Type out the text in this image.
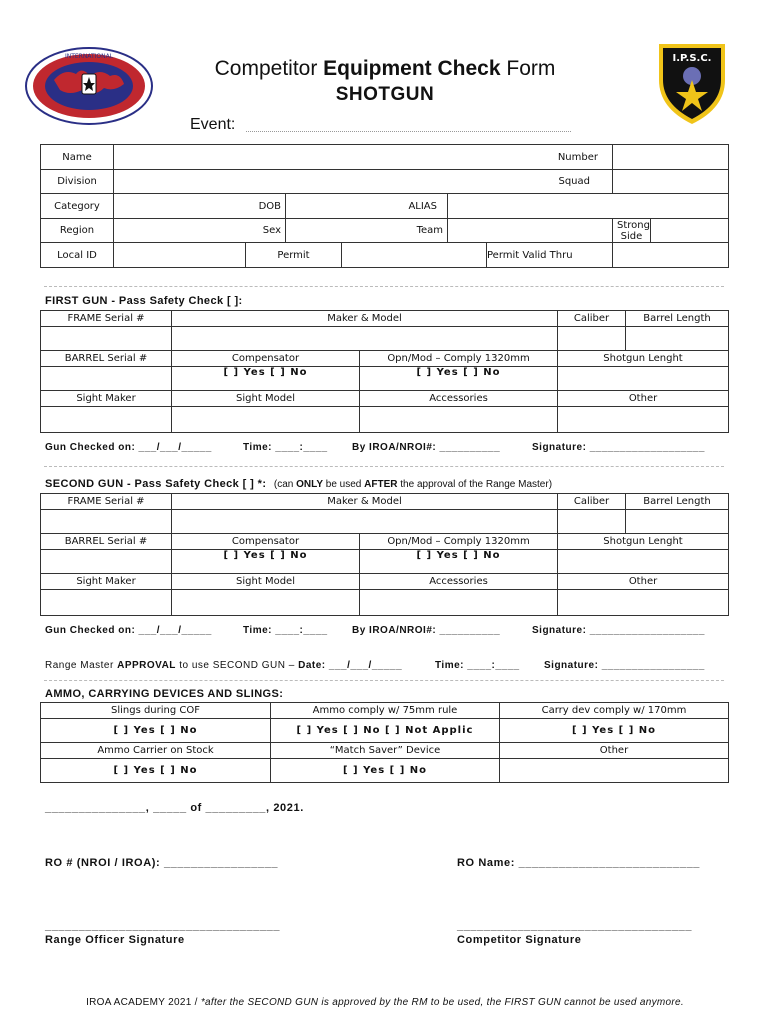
INTERNATIONAL	I.P.S.C.
Competitor Equipment Check Form
SHOTGUN
Event:
Name	Number							
Division	Squad							
Category	DOB		ALIAS					
Region	Sex		Team				Strong
Side	
Local ID		Permit				Permit Valid Thru		
FIRST GUN - Pass Safety Check [ ]:
FRAME Serial #	Maker & Model		Caliber	Barrel Length

BARREL Serial #	Compensator	Opn/Mod – Comply 1320mm	Shotgun Lenght	
	[ ] Yes [ ] No	[ ] Yes [ ] No		
Sight Maker	Sight Model	Accessories	Other	

Gun Checked on: ___/___/_____	Time: ____:____ By IROA/NROI#: __________	Signature: ___________________
SECOND GUN - Pass Safety Check [ ] *: (can ONLY be used AFTER the approval of the Range Master)
FRAME Serial #	Maker & Model		Caliber	Barrel Length

BARREL Serial #	Compensator	Opn/Mod – Comply 1320mm	Shotgun Lenght	
	[ ] Yes [ ] No	[ ] Yes [ ] No		
Sight Maker	Sight Model	Accessories	Other	

Gun Checked on: ___/___/_____	Time: ____:____ By IROA/NROI#: __________	Signature: ___________________
Range Master APPROVAL to use SECOND GUN – Date: ___/___/_____	Time: ____:____ Signature: _________________
AMMO, CARRYING DEVICES AND SLINGS:
Slings during COF	Ammo comply w/ 75mm rule	Carry dev comply w/ 170mm
[ ] Yes [ ] No	[ ] Yes [ ] No [ ] Not Applic	[ ] Yes [ ] No
Ammo Carrier on Stock	“Match Saver” Device	Other
[ ] Yes [ ] No	[ ] Yes [ ] No	
_______________, _____ of _________, 2021.
RO # (NROI / IROA): _________________	RO Name: ___________________________
___________________________________	___________________________________
Range Officer Signature	Competitor Signature
IROA ACADEMY 2021 / *after the SECOND GUN is approved by the RM to be used, the FIRST GUN cannot be used anymore.
